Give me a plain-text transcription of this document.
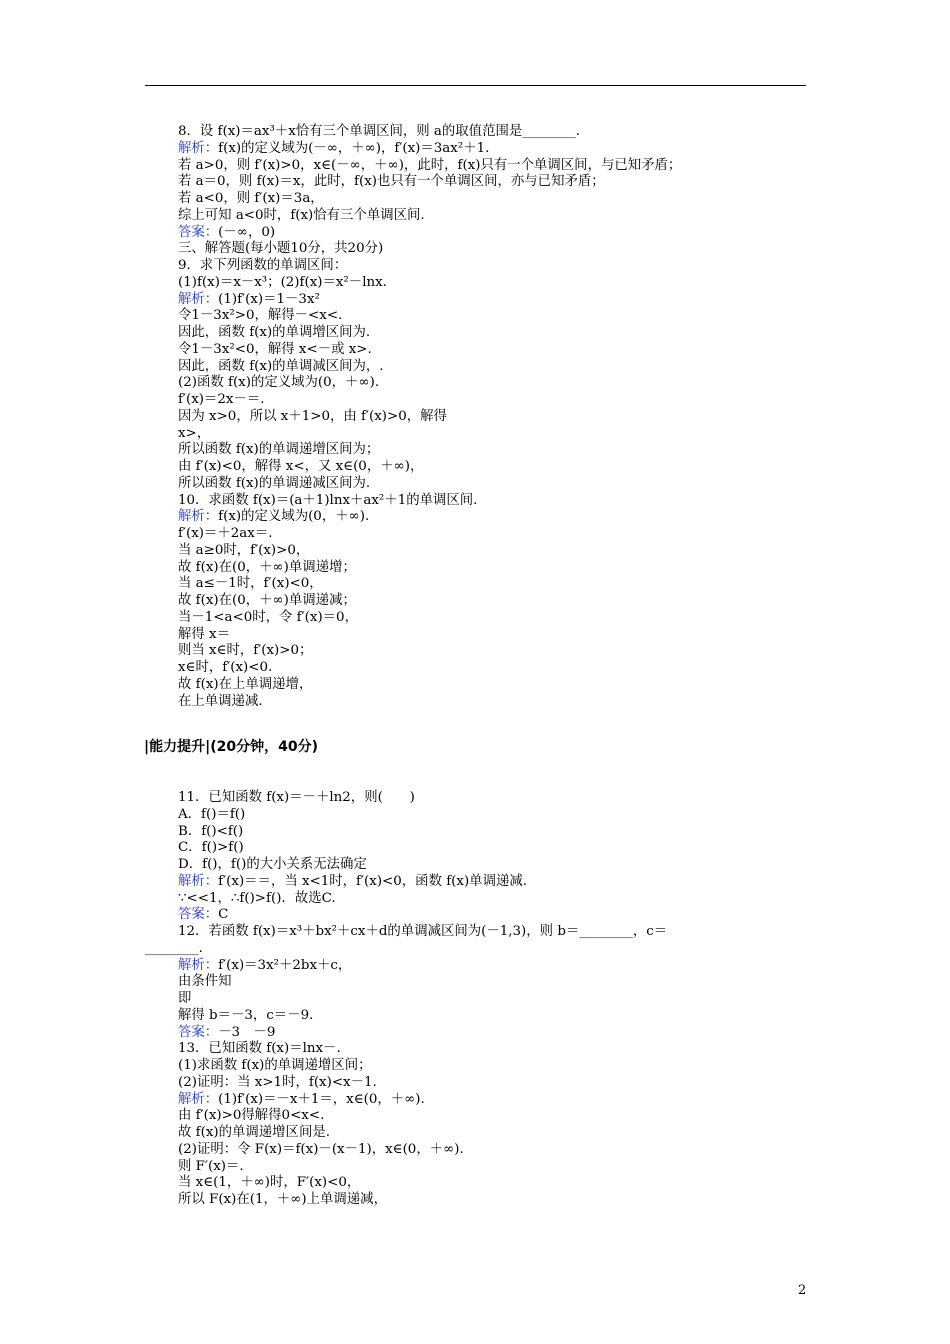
8．设 f(x)＝ax³＋x恰有三个单调区间，则 a的取值范围是________．
解析：f(x)的定义域为(－∞，＋∞)，f′(x)＝3ax²＋1.
若 a>0，则 f′(x)>0，x∈(－∞，＋∞)，此时，f(x)只有一个单调区间，与已知矛盾；
若 a＝0，则 f(x)＝x，此时，f(x)也只有一个单调区间，亦与已知矛盾；
若 a<0，则 f′(x)＝3a，
综上可知 a<0时，f(x)恰有三个单调区间.
答案：(－∞，0)
三、解答题(每小题10分，共20分)
9．求下列函数的单调区间：
(1)f(x)＝x－x³；(2)f(x)＝x²－lnx.
解析：(1)f′(x)＝1－3x²
令1－3x²>0，解得－<x<.
因此，函数 f(x)的单调增区间为.
令1－3x²<0，解得 x<－或 x>.
因此，函数 f(x)的单调减区间为，.
(2)函数 f(x)的定义域为(0，＋∞).
f′(x)＝2x－＝.
因为 x>0，所以 x＋1>0，由 f′(x)>0，解得
x>，
所以函数 f(x)的单调递增区间为；
由 f′(x)<0，解得 x<，又 x∈(0，＋∞)，
所以函数 f(x)的单调递减区间为.
10．求函数 f(x)＝(a＋1)lnx＋ax²＋1的单调区间.
解析：f(x)的定义域为(0，＋∞).
f′(x)＝＋2ax＝.
当 a≥0时，f′(x)>0，
故 f(x)在(0，＋∞)单调递增；
当 a≤－1时，f′(x)<0，
故 f(x)在(0，＋∞)单调递减；
当－1<a<0时，令 f′(x)＝0，
解得 x＝
则当 x∈时，f′(x)>0；
x∈时，f′(x)<0.
故 f(x)在上单调递增，
在上单调递减.
|能力提升|(20分钟，40分)
11．已知函数 f(x)＝－＋ln2，则(　　)
A．f()＝f()
B．f()<f()
C．f()>f()
D．f()，f()的大小关系无法确定
解析：f′(x)＝＝，当 x<1时，f′(x)<0，函数 f(x)单调递减.
∵<<1，∴f()>f()．故选C.
答案：C
12．若函数 f(x)＝x³＋bx²＋cx＋d的单调减区间为(－1,3)，则 b＝________，c＝
________．
解析：f′(x)＝3x²＋2bx＋c，
由条件知
即
解得 b＝－3，c＝－9.
答案：－3　－9
13．已知函数 f(x)＝lnx－.
(1)求函数 f(x)的单调递增区间；
(2)证明：当 x>1时，f(x)<x－1.
解析：(1)f′(x)＝－x＋1＝，x∈(0，＋∞).
由 f′(x)>0得解得0<x<.
故 f(x)的单调递增区间是.
(2)证明：令 F(x)＝f(x)－(x－1)，x∈(0，＋∞).
则 F′(x)＝.
当 x∈(1，＋∞)时，F′(x)<0，
所以 F(x)在(1，＋∞)上单调递减，
2
